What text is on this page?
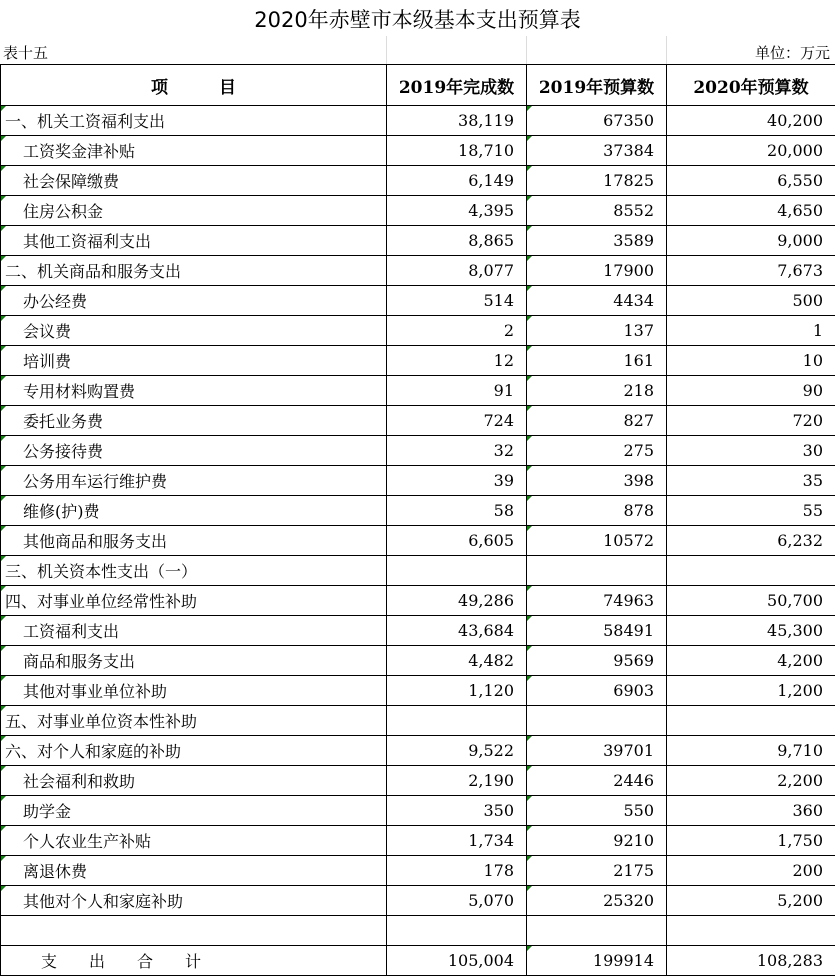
2020年赤壁市本级基本支出预算表
表十五	单位：万元
项　　　目	2019年完成数	2019年预算数	2020年预算数
一、机关工资福利支出	38,119	67350	40,200
工资奖金津补贴	18,710	37384	20,000
社会保障缴费	6,149	17825	6,550
住房公积金	4,395	8552	4,650
其他工资福利支出	8,865	3589	9,000
二、机关商品和服务支出	8,077	17900	7,673
办公经费	514	4434	500
会议费	2	137	1
培训费	12	161	10
专用材料购置费	91	218	90
委托业务费	724	827	720
公务接待费	32	275	30
公务用车运行维护费	39	398	35
维修(护)费	58	878	55
其他商品和服务支出	6,605	10572	6,232
三、机关资本性支出（一）			
四、对事业单位经常性补助	49,286	74963	50,700
工资福利支出	43,684	58491	45,300
商品和服务支出	4,482	9569	4,200
其他对事业单位补助	1,120	6903	1,200
五、对事业单位资本性补助			
六、对个人和家庭的补助	9,522	39701	9,710
社会福利和救助	2,190	2446	2,200
助学金	350	550	360
个人农业生产补贴	1,734	9210	1,750
离退休费	178	2175	200
其他对个人和家庭补助	5,070	25320	5,200

支　　出　　合　　计	105,004	199914	108,283
